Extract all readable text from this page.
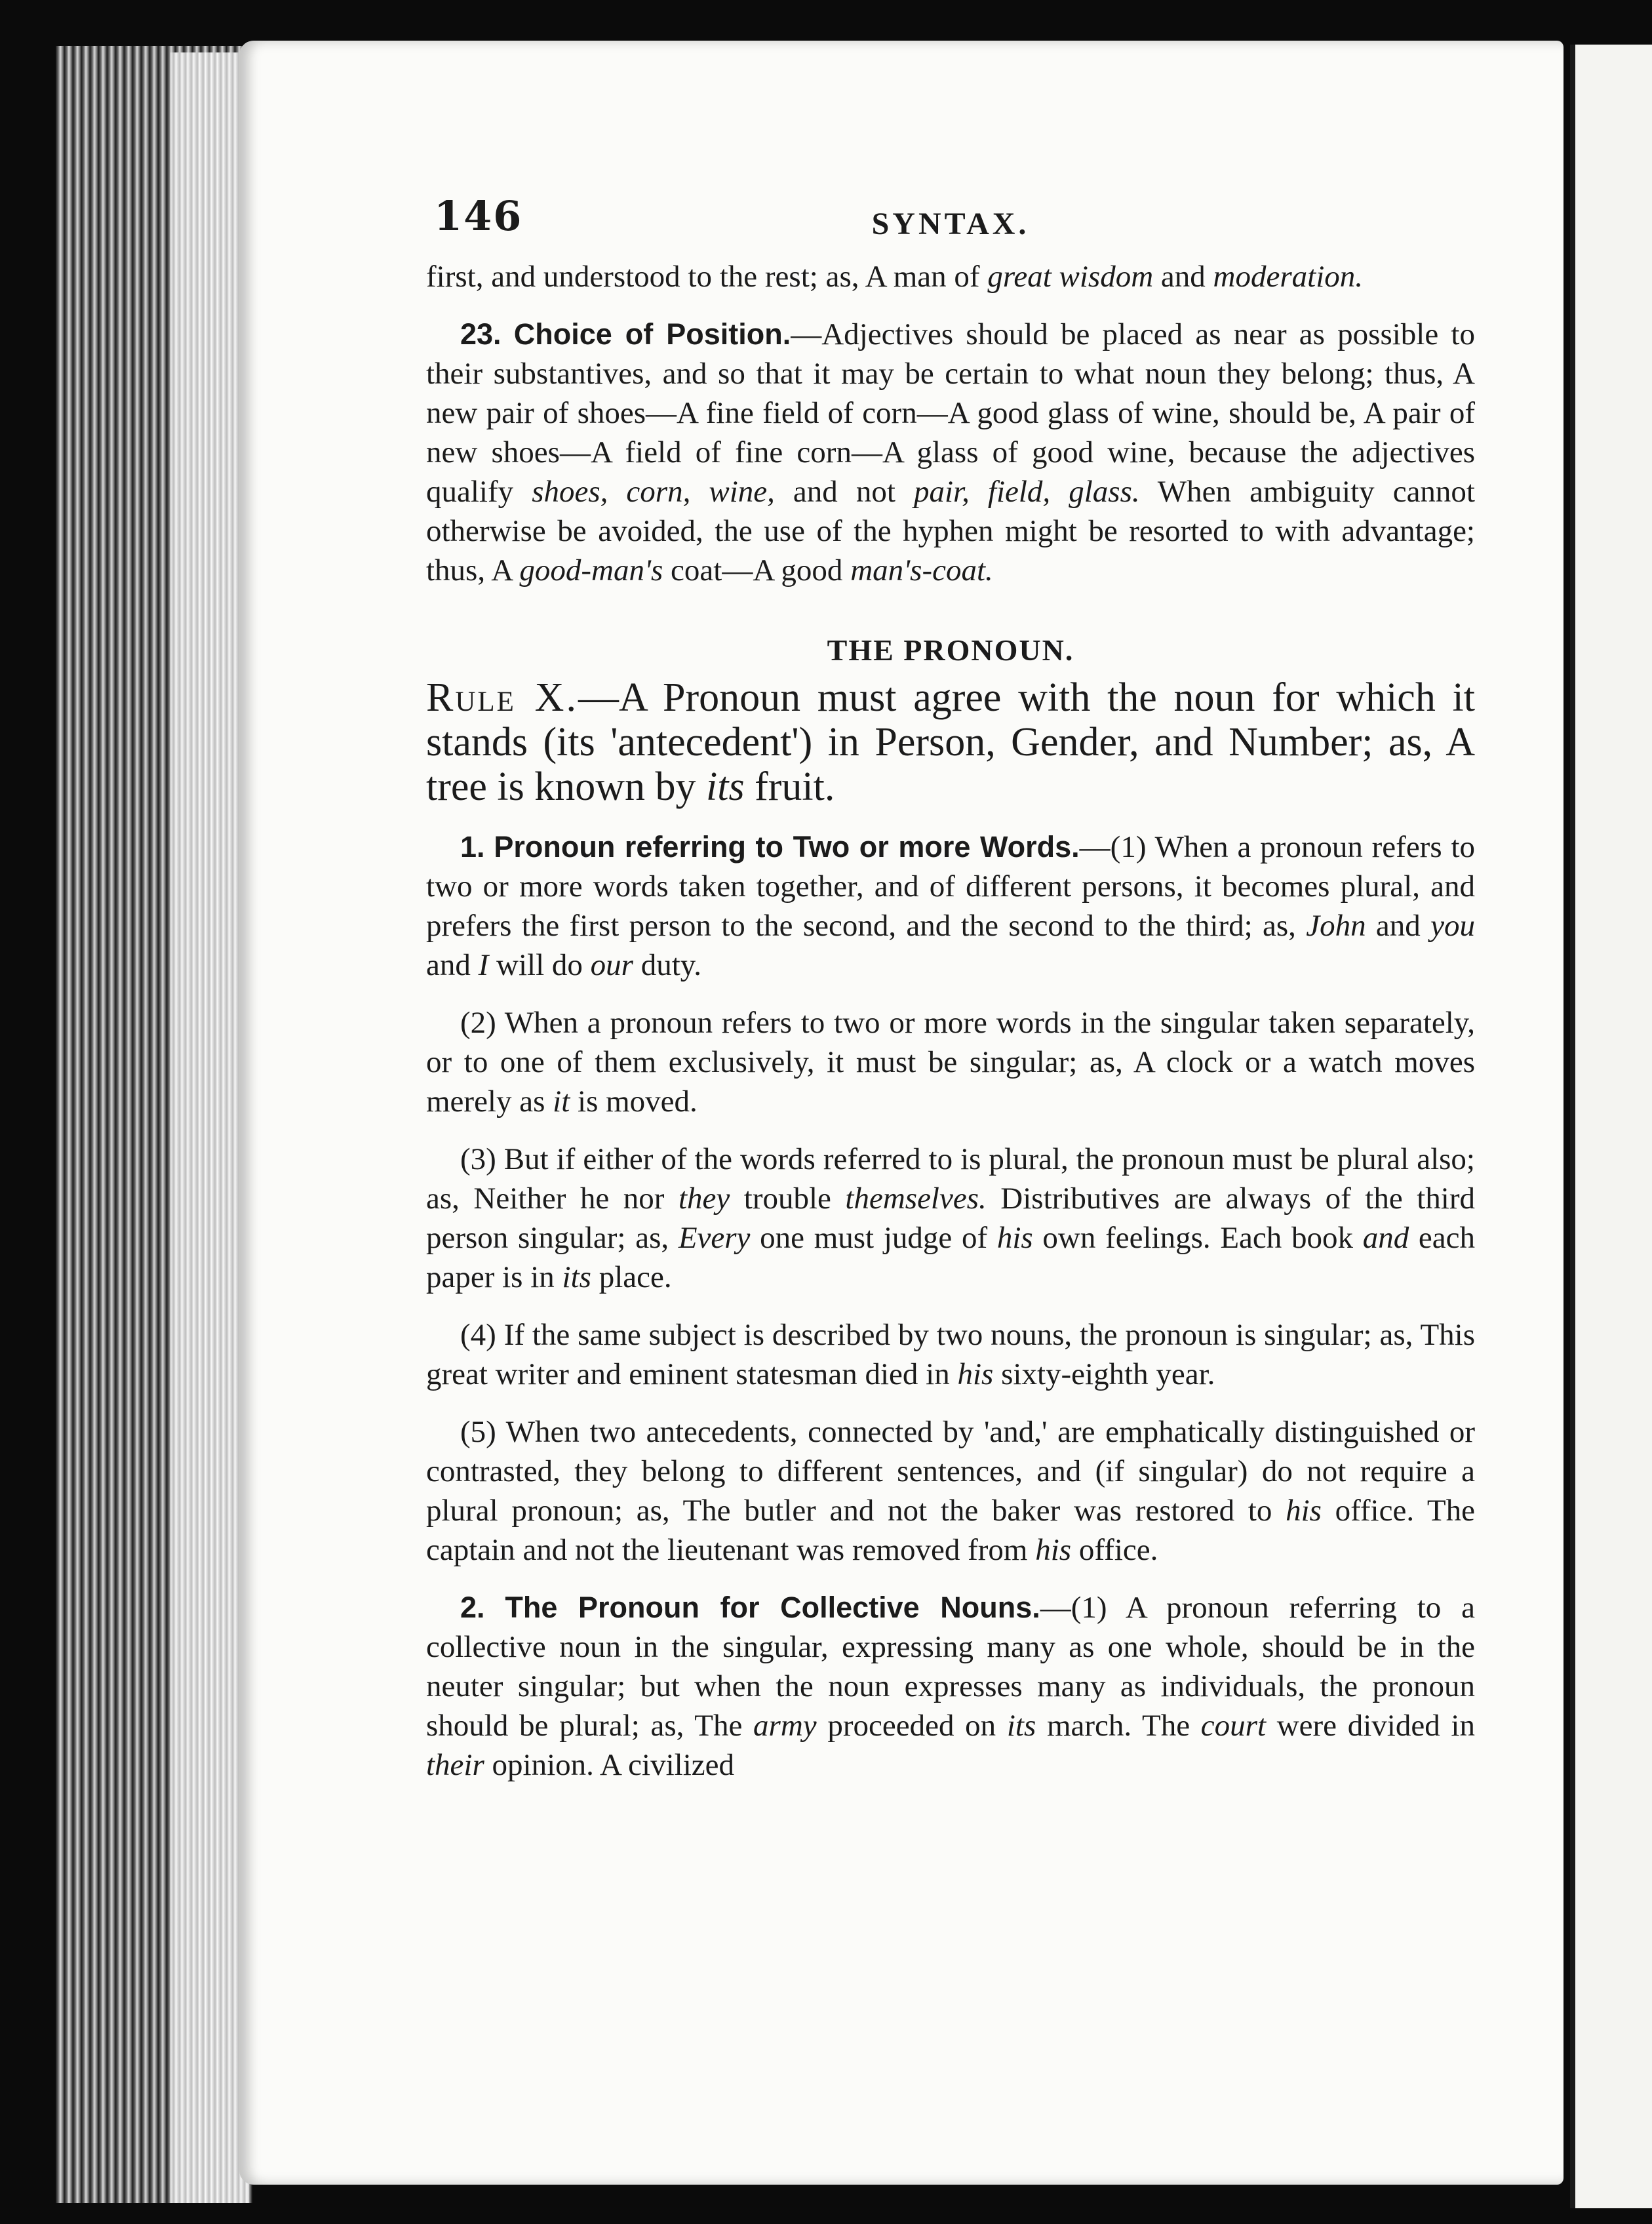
146	SYNTAX.

first, and understood to the rest; as, A man of great wisdom and moderation.

23. Choice of Position.—Adjectives should be placed as near as possible to their substantives, and so that it may be certain to what noun they belong; thus, A new pair of shoes—A fine field of corn—A good glass of wine, should be, A pair of new shoes—A field of fine corn—A glass of good wine, because the adjectives qualify shoes, corn, wine, and not pair, field, glass. When ambiguity cannot otherwise be avoided, the use of the hyphen might be resorted to with advantage; thus, A good-man's coat—A good man's-coat.

THE PRONOUN.

Rule X.—A Pronoun must agree with the noun for which it stands (its 'antecedent') in Person, Gender, and Number; as, A tree is known by its fruit.

1. Pronoun referring to Two or more Words.—(1) When a pronoun refers to two or more words taken together, and of different persons, it becomes plural, and prefers the first person to the second, and the second to the third; as, John and you and I will do our duty.

(2) When a pronoun refers to two or more words in the singular taken separately, or to one of them exclusively, it must be singular; as, A clock or a watch moves merely as it is moved.

(3) But if either of the words referred to is plural, the pronoun must be plural also; as, Neither he nor they trouble themselves. Distributives are always of the third person singular; as, Every one must judge of his own feelings. Each book and each paper is in its place.

(4) If the same subject is described by two nouns, the pronoun is singular; as, This great writer and eminent statesman died in his sixty-eighth year.

(5) When two antecedents, connected by 'and,' are emphatically distinguished or contrasted, they belong to different sentences, and (if singular) do not require a plural pronoun; as, The butler and not the baker was restored to his office. The captain and not the lieutenant was removed from his office.

2. The Pronoun for Collective Nouns.—(1) A pronoun referring to a collective noun in the singular, expressing many as one whole, should be in the neuter singular; but when the noun expresses many as individuals, the pronoun should be plural; as, The army proceeded on its march. The court were divided in their opinion. A civilized
